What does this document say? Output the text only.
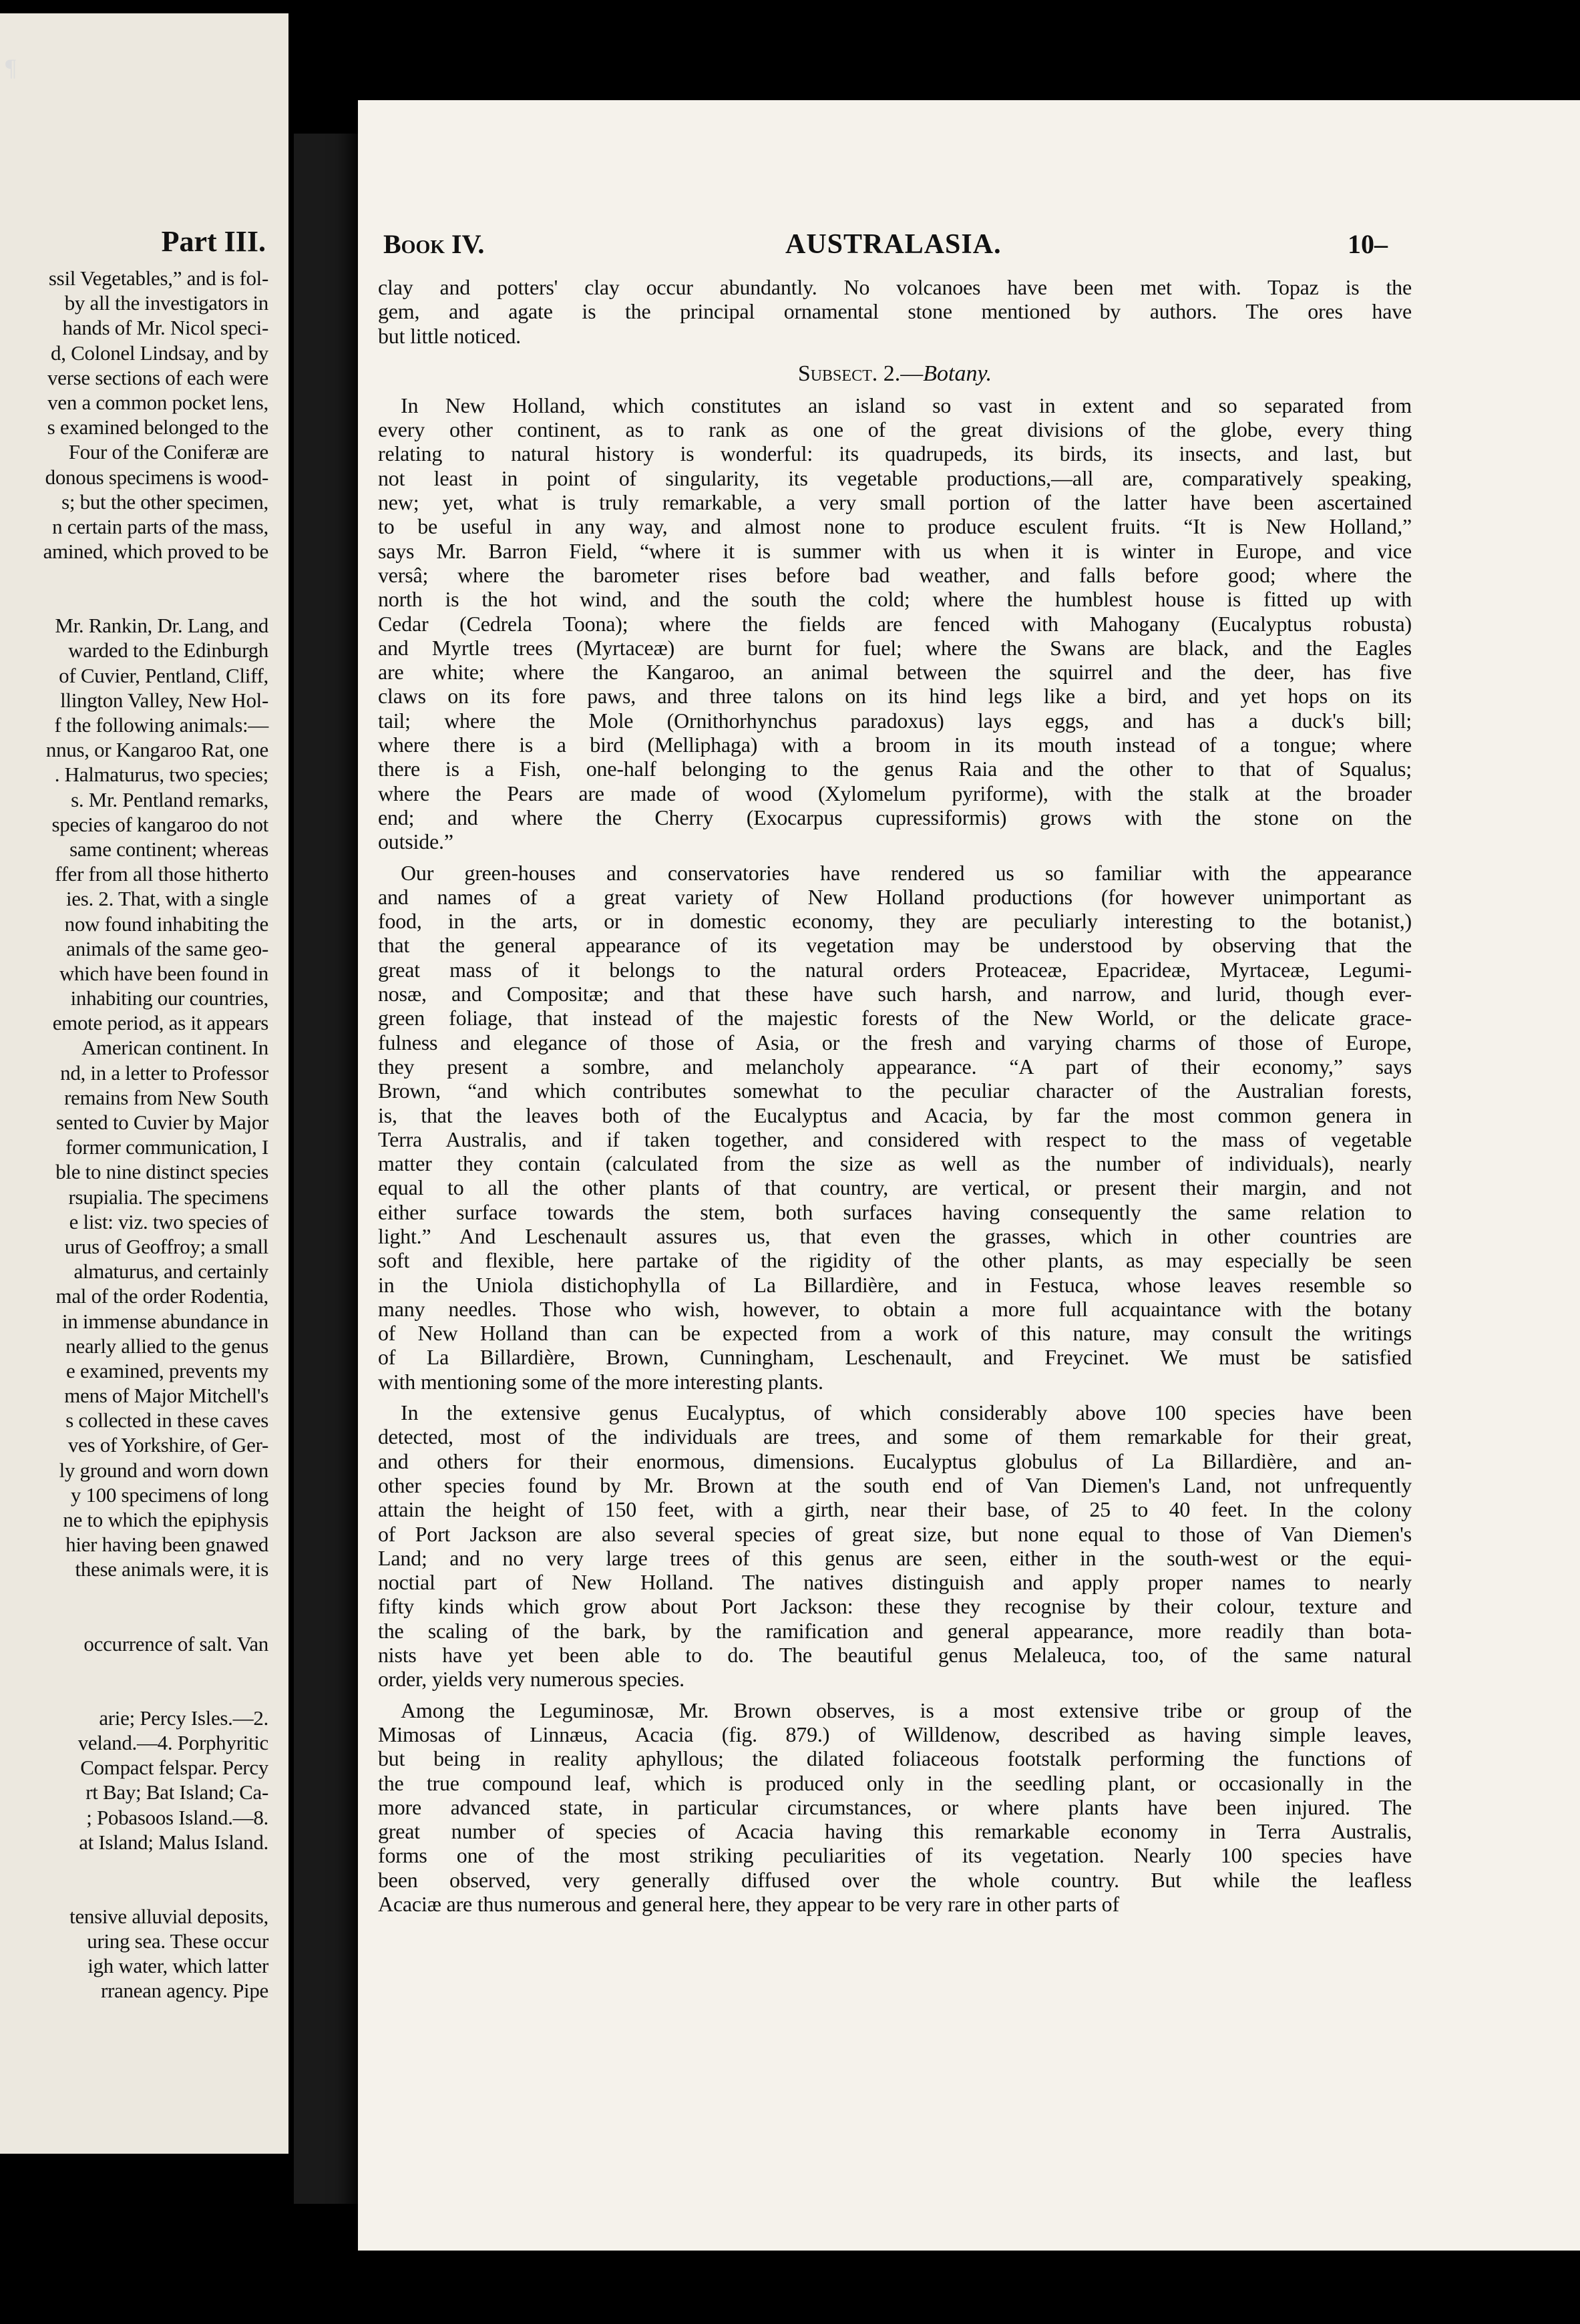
¶
Part III.
ssil Vegetables,” and is fol-
by all the investigators in
hands of Mr. Nicol speci-
d, Colonel Lindsay, and by
verse sections of each were
ven a common pocket lens,
s examined belonged to the
Four of the Coniferæ are
donous specimens is wood-
s; but the other specimen,
n certain parts of the mass,
amined, which proved to be
Mr. Rankin, Dr. Lang, and
warded to the Edinburgh
of Cuvier, Pentland, Cliff,
llington Valley, New Hol-
f the following animals:—
nnus, or Kangaroo Rat, one
. Halmaturus, two species;
s. Mr. Pentland remarks,
species of kangaroo do not
same continent; whereas
ffer from all those hitherto
ies. 2. That, with a single
now found inhabiting the
animals of the same geo-
which have been found in
inhabiting our countries,
emote period, as it appears
American continent. In
nd, in a letter to Professor
remains from New South
sented to Cuvier by Major
former communication, I
ble to nine distinct species
rsupialia. The specimens
e list: viz. two species of
urus of Geoffroy; a small
almaturus, and certainly
mal of the order Rodentia,
in immense abundance in
nearly allied to the genus
e examined, prevents my
mens of Major Mitchell's
s collected in these caves
ves of Yorkshire, of Ger-
ly ground and worn down
y 100 specimens of long
ne to which the epiphysis
hier having been gnawed
these animals were, it is
occurrence of salt. Van
arie; Percy Isles.—2.
veland.—4. Porphyritic
Compact felspar. Percy
rt Bay; Bat Island; Ca-
; Pobasoos Island.—8.
at Island; Malus Island.
tensive alluvial deposits,
uring sea. These occur
igh water, which latter
rranean agency. Pipe
Book IV.	AUSTRALASIA.	10–
clay and potters' clay occur abundantly. No volcanoes have been met with. Topaz is the
gem, and agate is the principal ornamental stone mentioned by authors. The ores have
but little noticed.
Subsect. 2.—Botany.
In New Holland, which constitutes an island so vast in extent and so separated from
every other continent, as to rank as one of the great divisions of the globe, every thing
relating to natural history is wonderful: its quadrupeds, its birds, its insects, and last, but
not least in point of singularity, its vegetable productions,—all are, comparatively speaking,
new; yet, what is truly remarkable, a very small portion of the latter have been ascertained
to be useful in any way, and almost none to produce esculent fruits. “It is New Holland,”
says Mr. Barron Field, “where it is summer with us when it is winter in Europe, and vice
versâ; where the barometer rises before bad weather, and falls before good; where the
north is the hot wind, and the south the cold; where the humblest house is fitted up with
Cedar (Cedrela Toona); where the fields are fenced with Mahogany (Eucalyptus robusta)
and Myrtle trees (Myrtaceæ) are burnt for fuel; where the Swans are black, and the Eagles
are white; where the Kangaroo, an animal between the squirrel and the deer, has five
claws on its fore paws, and three talons on its hind legs like a bird, and yet hops on its
tail; where the Mole (Ornithorhynchus paradoxus) lays eggs, and has a duck's bill;
where there is a bird (Melliphaga) with a broom in its mouth instead of a tongue; where
there is a Fish, one-half belonging to the genus Raia and the other to that of Squalus;
where the Pears are made of wood (Xylomelum pyriforme), with the stalk at the broader
end; and where the Cherry (Exocarpus cupressiformis) grows with the stone on the
outside.”
Our green-houses and conservatories have rendered us so familiar with the appearance
and names of a great variety of New Holland productions (for however unimportant as
food, in the arts, or in domestic economy, they are peculiarly interesting to the botanist,)
that the general appearance of its vegetation may be understood by observing that the
great mass of it belongs to the natural orders Proteaceæ, Epacrideæ, Myrtaceæ, Legumi-
nosæ, and Compositæ; and that these have such harsh, and narrow, and lurid, though ever-
green foliage, that instead of the majestic forests of the New World, or the delicate grace-
fulness and elegance of those of Asia, or the fresh and varying charms of those of Europe,
they present a sombre, and melancholy appearance. “A part of their economy,” says
Brown, “and which contributes somewhat to the peculiar character of the Australian forests,
is, that the leaves both of the Eucalyptus and Acacia, by far the most common genera in
Terra Australis, and if taken together, and considered with respect to the mass of vegetable
matter they contain (calculated from the size as well as the number of individuals), nearly
equal to all the other plants of that country, are vertical, or present their margin, and not
either surface towards the stem, both surfaces having consequently the same relation to
light.” And Leschenault assures us, that even the grasses, which in other countries are
soft and flexible, here partake of the rigidity of the other plants, as may especially be seen
in the Uniola distichophylla of La Billardière, and in Festuca, whose leaves resemble so
many needles. Those who wish, however, to obtain a more full acquaintance with the botany
of New Holland than can be expected from a work of this nature, may consult the writings
of La Billardière, Brown, Cunningham, Leschenault, and Freycinet. We must be satisfied
with mentioning some of the more interesting plants.
In the extensive genus Eucalyptus, of which considerably above 100 species have been
detected, most of the individuals are trees, and some of them remarkable for their great,
and others for their enormous, dimensions. Eucalyptus globulus of La Billardière, and an-
other species found by Mr. Brown at the south end of Van Diemen's Land, not unfrequently
attain the height of 150 feet, with a girth, near their base, of 25 to 40 feet. In the colony
of Port Jackson are also several species of great size, but none equal to those of Van Diemen's
Land; and no very large trees of this genus are seen, either in the south-west or the equi-
noctial part of New Holland. The natives distinguish and apply proper names to nearly
fifty kinds which grow about Port Jackson: these they recognise by their colour, texture and
the scaling of the bark, by the ramification and general appearance, more readily than bota-
nists have yet been able to do. The beautiful genus Melaleuca, too, of the same natural
order, yields very numerous species.
Among the Leguminosæ, Mr. Brown observes, is a most extensive tribe or group of the
Mimosas of Linnæus, Acacia (fig. 879.) of Willdenow, described as having simple leaves,
but being in reality aphyllous; the dilated foliaceous footstalk performing the functions of
the true compound leaf, which is produced only in the seedling plant, or occasionally in the
more advanced state, in particular circumstances, or where plants have been injured. The
great number of species of Acacia having this remarkable economy in Terra Australis,
forms one of the most striking peculiarities of its vegetation. Nearly 100 species have
been observed, very generally diffused over the whole country. But while the leafless
Acaciæ are thus numerous and general here, they appear to be very rare in other parts of
